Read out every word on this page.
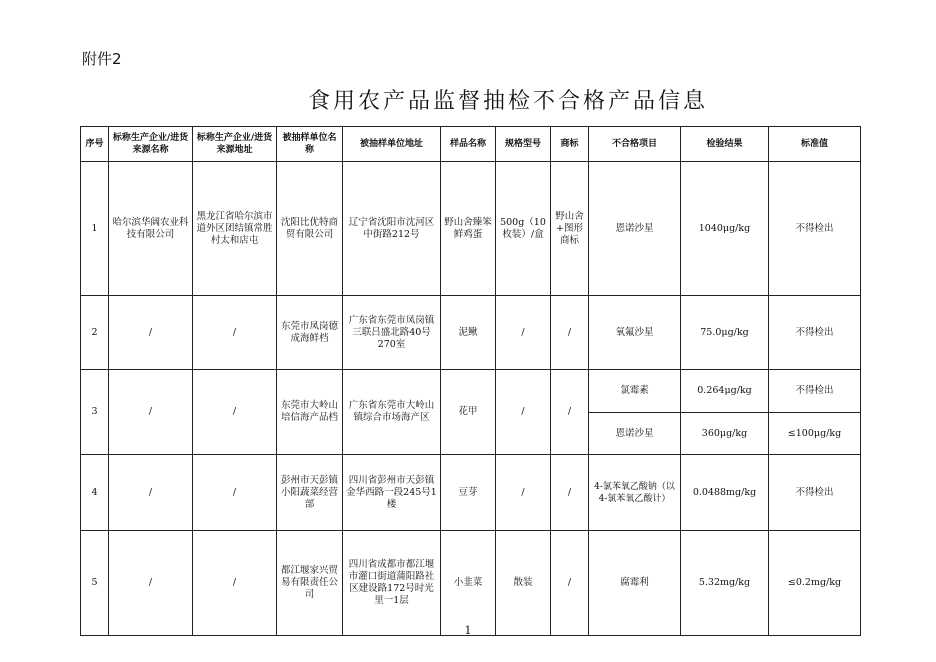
附件2
食用农产品监督抽检不合格产品信息
序号	标称生产企业/进货来源名称	标称生产企业/进货来源地址	被抽样单位名称	被抽样单位地址	样品名称	规格型号	商标	不合格项目	检验结果	标准值
1	哈尔滨华阔农业科技有限公司	黑龙江省哈尔滨市道外区团结镇常胜村太和店屯	沈阳比优特商贸有限公司	辽宁省沈阳市沈河区中街路212号	野山舍臻笨鲜鸡蛋	500g（10枚装）/盒	野山舍+图形商标	恩诺沙星	1040μg/kg	不得检出
2	/	/	东莞市凤岗德成海鲜档	广东省东莞市凤岗镇三联吕盛北路40号270室	泥鳅	/	/	氧氟沙星	75.0μg/kg	不得检出
3	/	/	东莞市大岭山培信海产品档	广东省东莞市大岭山镇综合市场海产区	花甲	/	/	氯霉素	0.264μg/kg	不得检出
								恩诺沙星	360μg/kg	≤100μg/kg
4	/	/	彭州市天彭镇小阳蔬菜经营部	四川省彭州市天彭镇金华西路一段245号1楼	豆芽	/	/	4-氯苯氧乙酸钠（以4-氯苯氧乙酸计）	0.0488mg/kg	不得检出
5	/	/	都江堰家兴贸易有限责任公司	四川省成都市都江堰市灌口街道蒲阳路社区建设路172号时光里一1层	小韭菜	散装	/	腐霉利	5.32mg/kg	≤0.2mg/kg
1
